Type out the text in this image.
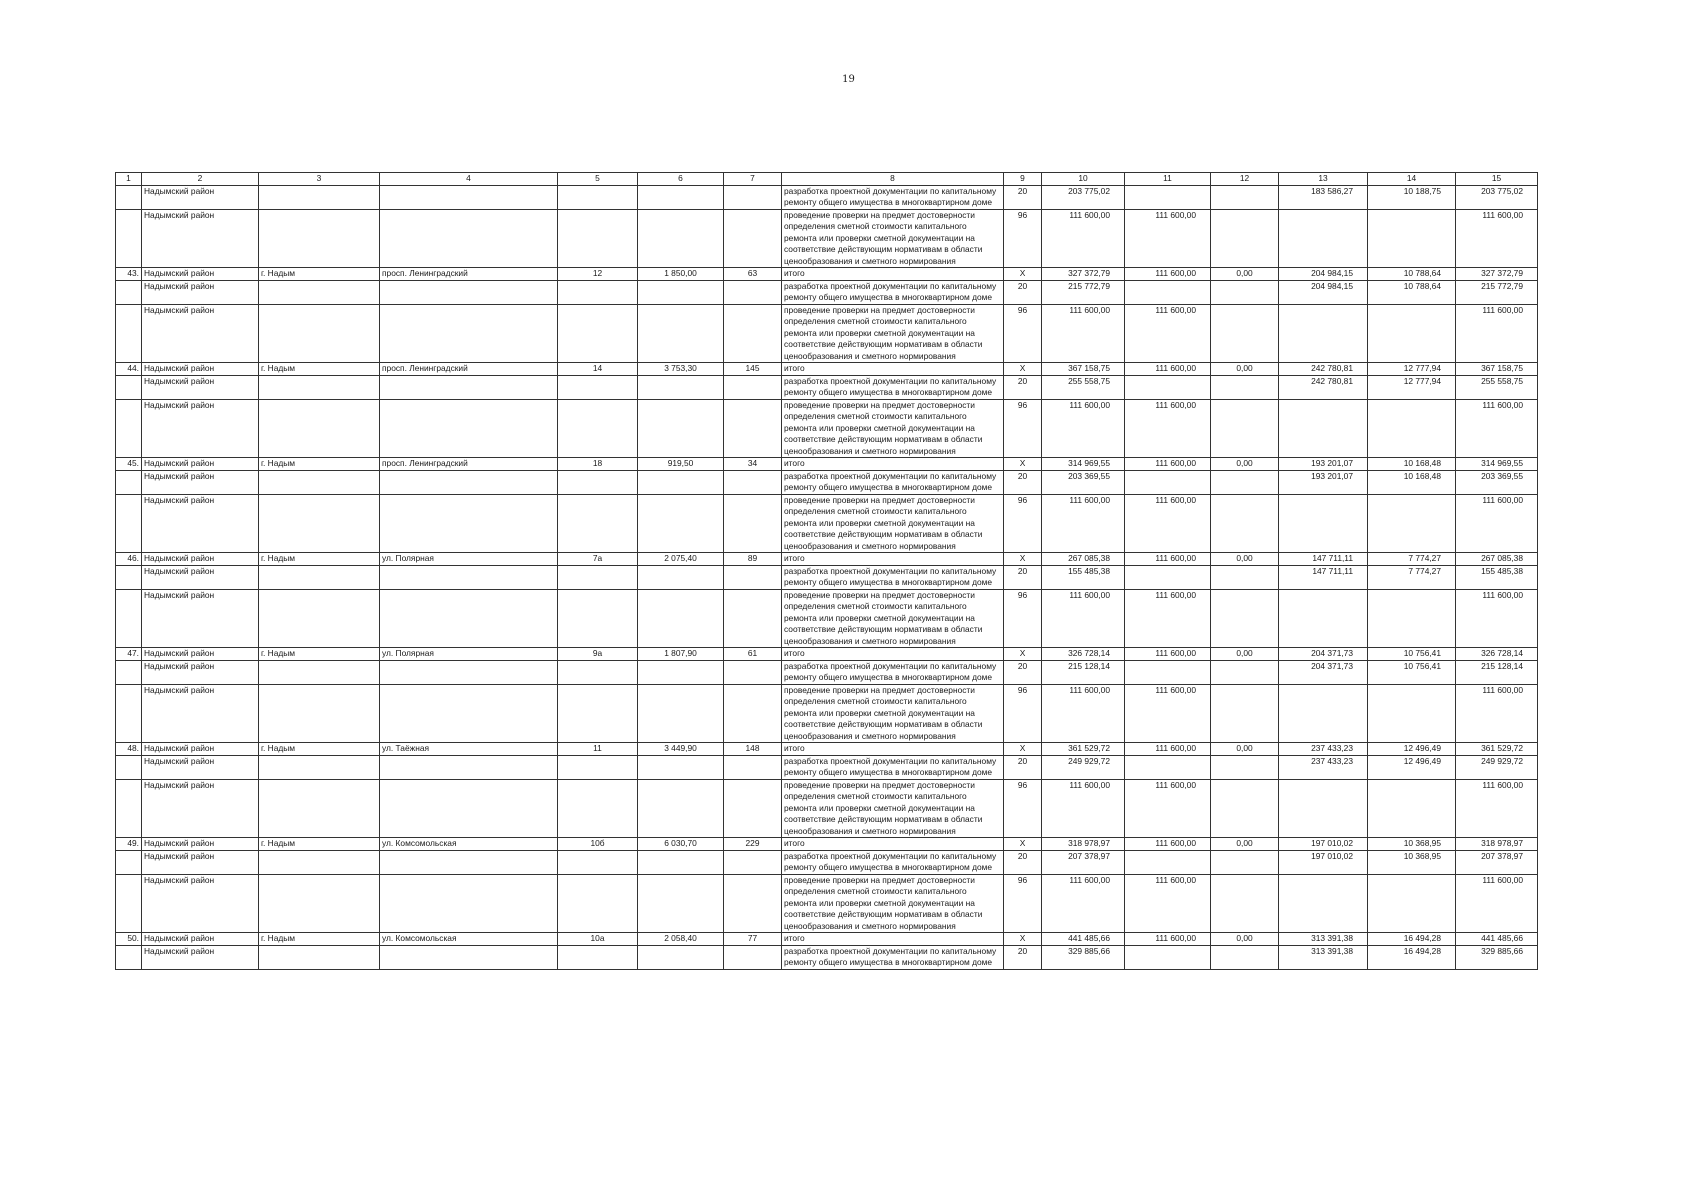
19
1	2	3	4	5	6	7	8	9	10	11	12	13	14	15
	Надымский район						разработка проектной документации по капитальному ремонту общего имущества в многоквартирном доме	20	203 775,02			183 586,27	10 188,75	203 775,02
	Надымский район						проведение проверки на предмет достоверности определения сметной стоимости капитального ремонта или проверки сметной документации на соответствие действующим нормативам в области ценообразования и сметного нормирования	96	111 600,00	111 600,00				111 600,00
43.	Надымский район	г. Надым	просп. Ленинградский	12	1 850,00	63	итого	X	327 372,79	111 600,00	0,00	204 984,15	10 788,64	327 372,79
	Надымский район						разработка проектной документации по капитальному ремонту общего имущества в многоквартирном доме	20	215 772,79			204 984,15	10 788,64	215 772,79
	Надымский район						проведение проверки на предмет достоверности определения сметной стоимости капитального ремонта или проверки сметной документации на соответствие действующим нормативам в области ценообразования и сметного нормирования	96	111 600,00	111 600,00				111 600,00
44.	Надымский район	г. Надым	просп. Ленинградский	14	3 753,30	145	итого	X	367 158,75	111 600,00	0,00	242 780,81	12 777,94	367 158,75
	Надымский район						разработка проектной документации по капитальному ремонту общего имущества в многоквартирном доме	20	255 558,75			242 780,81	12 777,94	255 558,75
	Надымский район						проведение проверки на предмет достоверности определения сметной стоимости капитального ремонта или проверки сметной документации на соответствие действующим нормативам в области ценообразования и сметного нормирования	96	111 600,00	111 600,00				111 600,00
45.	Надымский район	г. Надым	просп. Ленинградский	18	919,50	34	итого	X	314 969,55	111 600,00	0,00	193 201,07	10 168,48	314 969,55
	Надымский район						разработка проектной документации по капитальному ремонту общего имущества в многоквартирном доме	20	203 369,55			193 201,07	10 168,48	203 369,55
	Надымский район						проведение проверки на предмет достоверности определения сметной стоимости капитального ремонта или проверки сметной документации на соответствие действующим нормативам в области ценообразования и сметного нормирования	96	111 600,00	111 600,00				111 600,00
46.	Надымский район	г. Надым	ул. Полярная	7а	2 075,40	89	итого	X	267 085,38	111 600,00	0,00	147 711,11	7 774,27	267 085,38
	Надымский район						разработка проектной документации по капитальному ремонту общего имущества в многоквартирном доме	20	155 485,38			147 711,11	7 774,27	155 485,38
	Надымский район						проведение проверки на предмет достоверности определения сметной стоимости капитального ремонта или проверки сметной документации на соответствие действующим нормативам в области ценообразования и сметного нормирования	96	111 600,00	111 600,00				111 600,00
47.	Надымский район	г. Надым	ул. Полярная	9а	1 807,90	61	итого	X	326 728,14	111 600,00	0,00	204 371,73	10 756,41	326 728,14
	Надымский район						разработка проектной документации по капитальному ремонту общего имущества в многоквартирном доме	20	215 128,14			204 371,73	10 756,41	215 128,14
	Надымский район						проведение проверки на предмет достоверности определения сметной стоимости капитального ремонта или проверки сметной документации на соответствие действующим нормативам в области ценообразования и сметного нормирования	96	111 600,00	111 600,00				111 600,00
48.	Надымский район	г. Надым	ул. Таёжная	11	3 449,90	148	итого	X	361 529,72	111 600,00	0,00	237 433,23	12 496,49	361 529,72
	Надымский район						разработка проектной документации по капитальному ремонту общего имущества в многоквартирном доме	20	249 929,72			237 433,23	12 496,49	249 929,72
	Надымский район						проведение проверки на предмет достоверности определения сметной стоимости капитального ремонта или проверки сметной документации на соответствие действующим нормативам в области ценообразования и сметного нормирования	96	111 600,00	111 600,00				111 600,00
49.	Надымский район	г. Надым	ул. Комсомольская	10б	6 030,70	229	итого	X	318 978,97	111 600,00	0,00	197 010,02	10 368,95	318 978,97
	Надымский район						разработка проектной документации по капитальному ремонту общего имущества в многоквартирном доме	20	207 378,97			197 010,02	10 368,95	207 378,97
	Надымский район						проведение проверки на предмет достоверности определения сметной стоимости капитального ремонта или проверки сметной документации на соответствие действующим нормативам в области ценообразования и сметного нормирования	96	111 600,00	111 600,00				111 600,00
50.	Надымский район	г. Надым	ул. Комсомольская	10а	2 058,40	77	итого	X	441 485,66	111 600,00	0,00	313 391,38	16 494,28	441 485,66
	Надымский район						разработка проектной документации по капитальному ремонту общего имущества в многоквартирном доме	20	329 885,66			313 391,38	16 494,28	329 885,66
